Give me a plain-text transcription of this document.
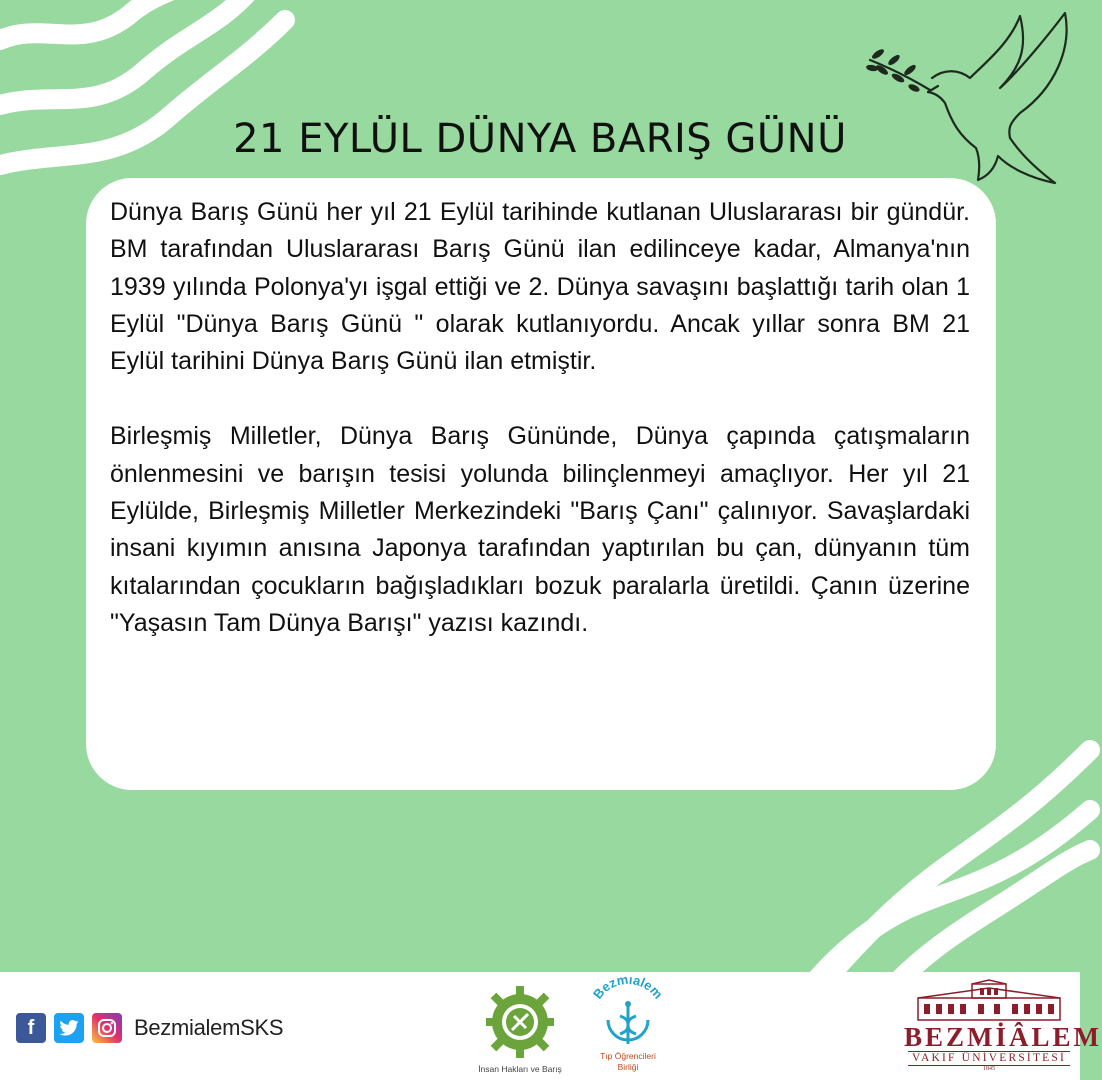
21 EYLÜL DÜNYA BARIŞ GÜNÜ

Dünya Barış Günü her yıl 21 Eylül tarihinde kutlanan Uluslararası bir gündür. BM tarafından Uluslararası Barış Günü ilan edilinceye kadar, Almanya'nın 1939 yılında Polonya'yı işgal ettiği ve 2. Dünya savaşını başlattığı tarih olan 1 Eylül "Dünya Barış Günü " olarak kutlanıyordu. Ancak yıllar sonra BM 21 Eylül tarihini Dünya Barış Günü ilan etmiştir.

Birleşmiş Milletler, Dünya Barış Gününde, Dünya çapında çatışmaların önlenmesini ve barışın tesisi yolunda bilinçlenmeyi amaçlıyor. Her yıl 21 Eylülde, Birleşmiş Milletler Merkezindeki "Barış Çanı" çalınıyor. Savaşlardaki insani kıyımın anısına Japonya tarafından yaptırılan bu çan, dünyanın tüm kıtalarından çocukların bağışladıkları bozuk paralarla üretildi. Çanın üzerine "Yaşasın Tam Dünya Barışı" yazısı kazındı.

f	BezmialemSKS
İnsan Hakları ve Barış
Bezmialem
Tıp Öğrencileri
Birliği
BEZMİÂLEM
VAKIF ÜNİVERSİTESİ
1845
